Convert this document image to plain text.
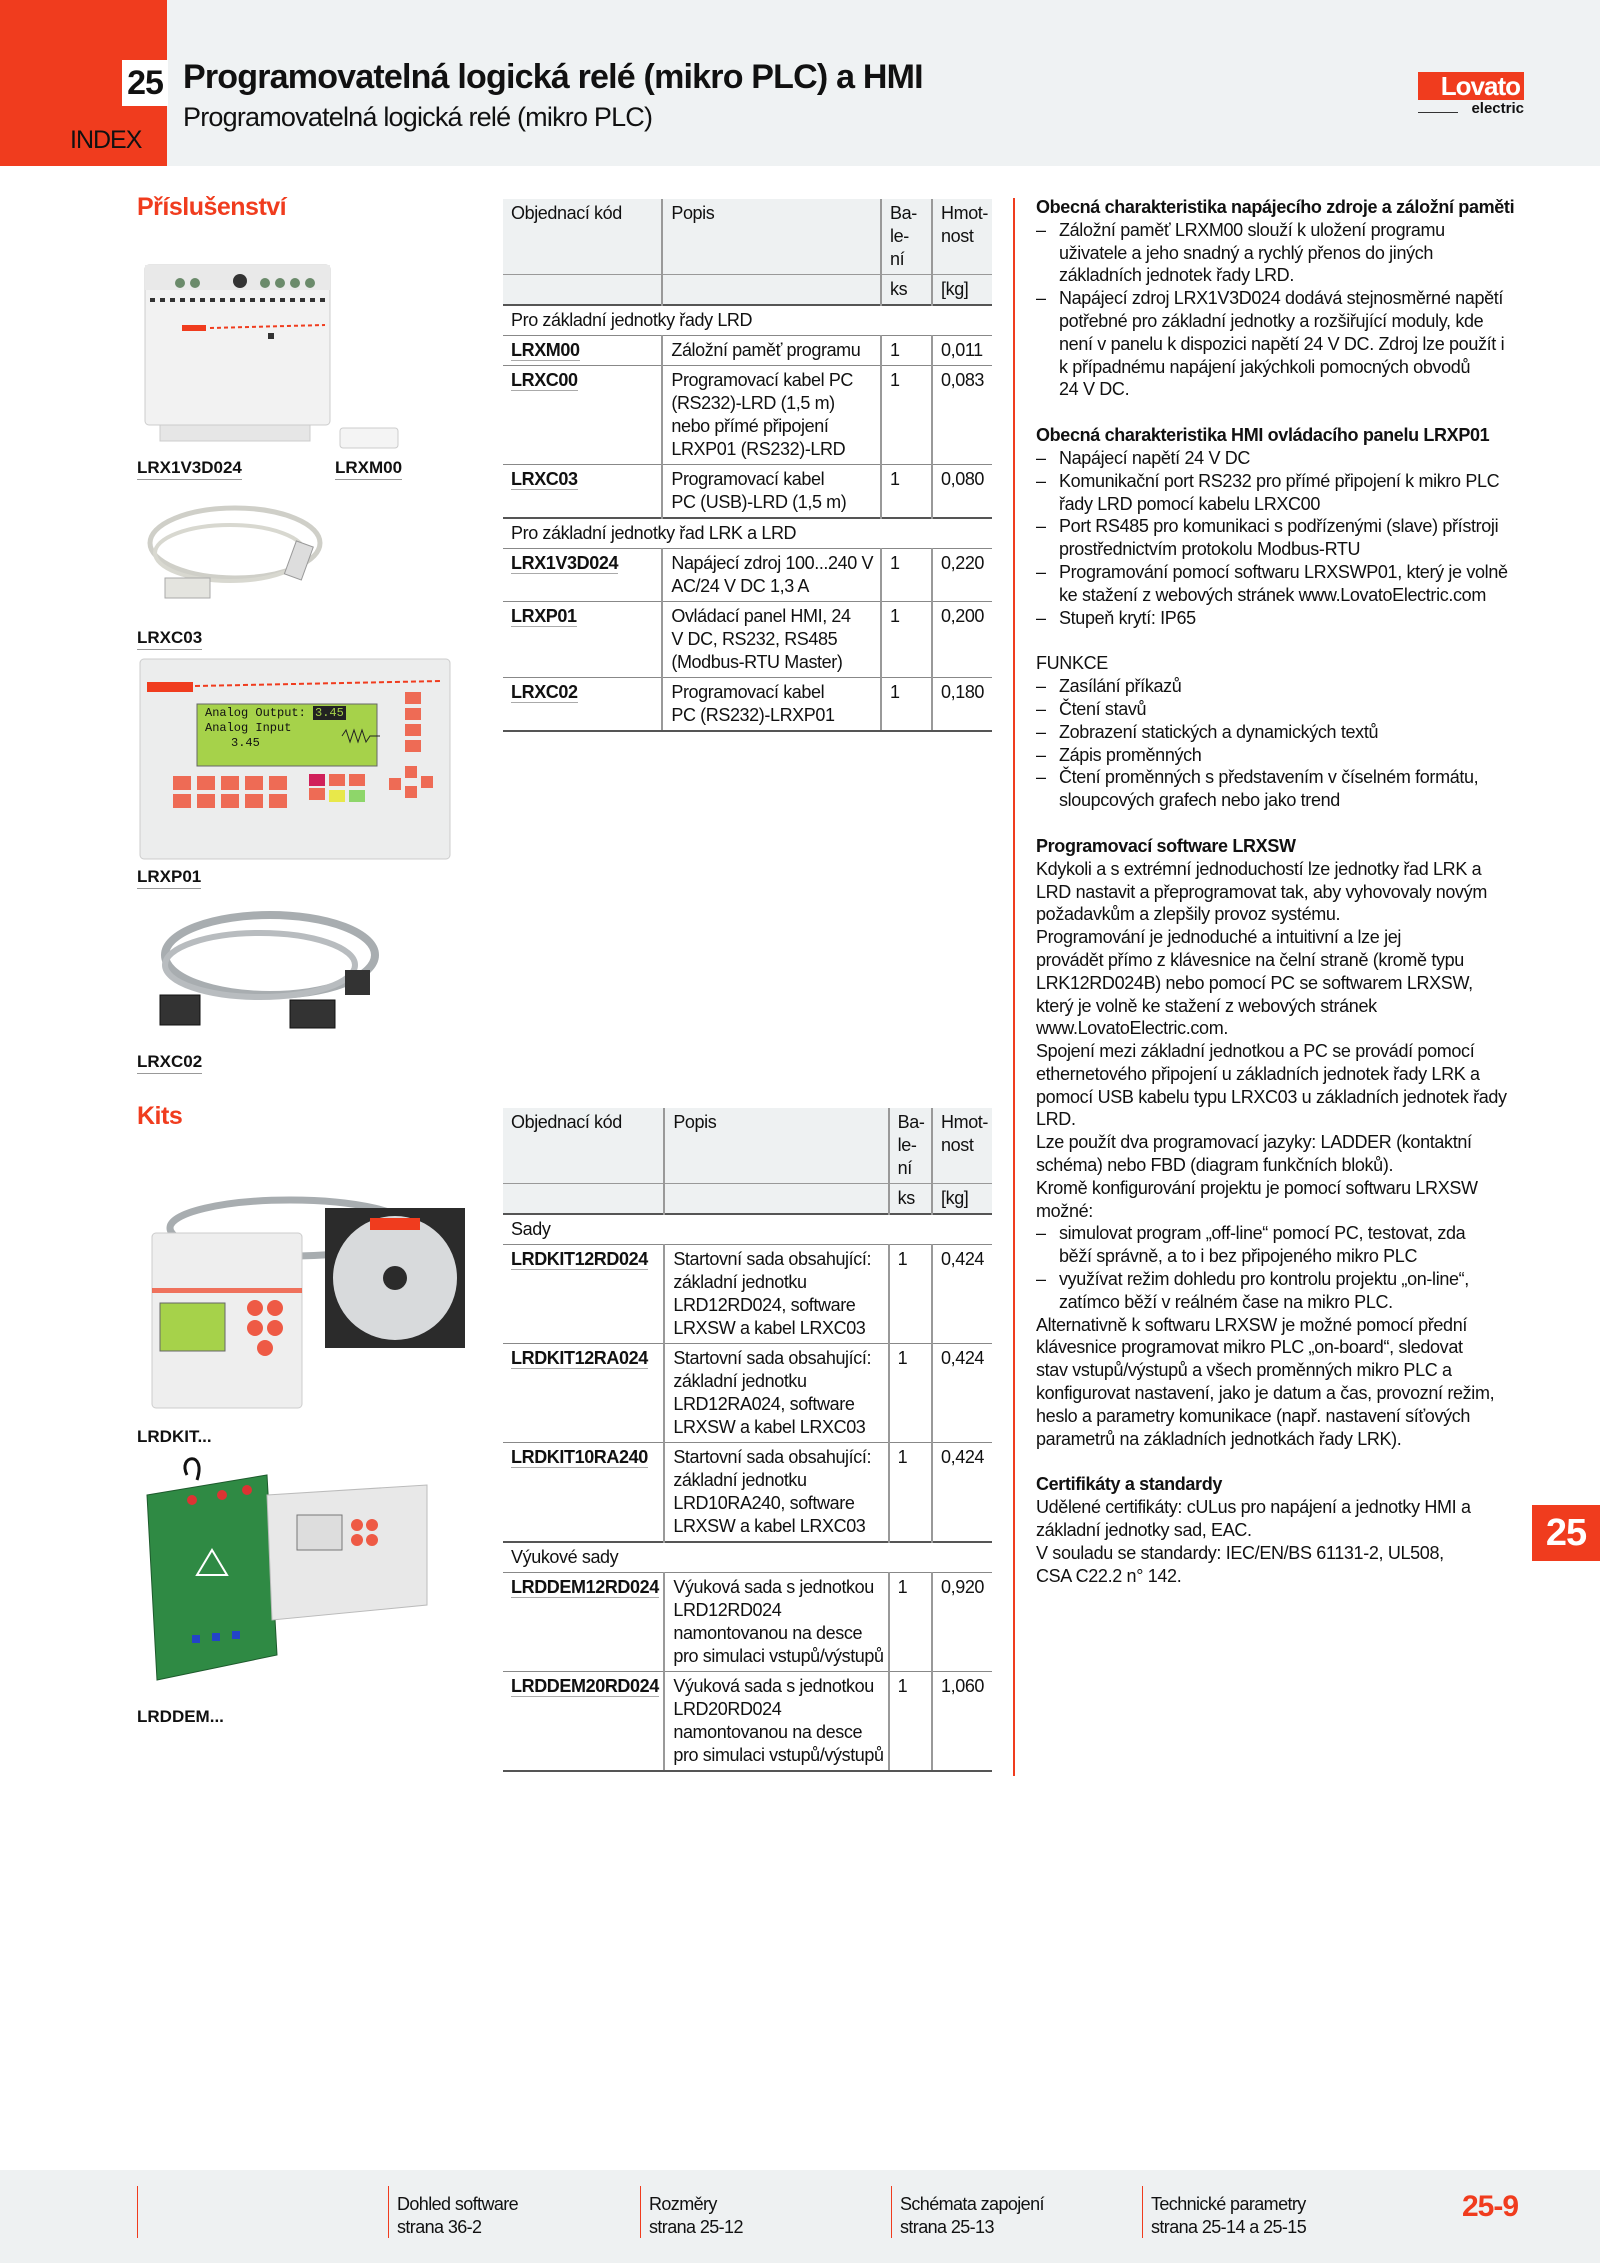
25
INDEX
Programovatelná logická relé (mikro PLC) a HMI
Programovatelná logická relé (mikro PLC)
Lovato
electric
Příslušenství
LRX1V3D024	LRXM00
LRXC03
Analog Output: 3.45
Analog Input
3.45
LRXP01
LRXC02
Kits
LRDKIT...
LRDDEM...
Objednací kód	Popis	Ba-
le-
ní	Hmot-
nost

		ks	[kg]
Pro základní jednotky řady LRD			
LRXM00	Záložní paměť programu	1	0,011
LRXC00	Programovací kabel PC
(RS232)-LRD (1,5 m)
nebo přímé připojení
LRXP01 (RS232)-LRD	1	0,083
LRXC03	Programovací kabel
PC (USB)-LRD (1,5 m)	1	0,080
Pro základní jednotky řad LRK a LRD			
LRX1V3D024	Napájecí zdroj 100...240 V
AC/24 V DC 1,3 A	1	0,220
LRXP01	Ovládací panel HMI, 24
V DC, RS232, RS485
(Modbus-RTU Master)	1	0,200
LRXC02	Programovací kabel
PC (RS232)-LRXP01	1	0,180
Objednací kód	Popis	Ba-
le-
ní	Hmot-
nost

		ks	[kg]
Sady			
LRDKIT12RD024	Startovní sada obsahující:
základní jednotku
LRD12RD024, software
LRXSW a kabel LRXC03	1	0,424
LRDKIT12RA024	Startovní sada obsahující:
základní jednotku
LRD12RA024, software
LRXSW a kabel LRXC03	1	0,424
LRDKIT10RA240	Startovní sada obsahující:
základní jednotku
LRD10RA240, software
LRXSW a kabel LRXC03	1	0,424
Výukové sady			
LRDDEM12RD024	Výuková sada s jednotkou
LRD12RD024
namontovanou na desce
pro simulaci vstupů/výstupů	1	0,920
LRDDEM20RD024	Výuková sada s jednotkou
LRD20RD024
namontovanou na desce
pro simulaci vstupů/výstupů	1	1,060
Obecná charakteristika napájecího zdroje a záložní paměti
– Záložní paměť LRXM00 slouží k uložení programu
uživatele a jeho snadný a rychlý přenos do jiných
základních jednotek řady LRD.
– Napájecí zdroj LRX1V3D024 dodává stejnosměrné napětí
potřebné pro základní jednotky a rozšiřující moduly, kde
není v panelu k dispozici napětí 24 V DC. Zdroj lze použít i
k případnému napájení jakýchkoli pomocných obvodů
24 V DC.
Obecná charakteristika HMI ovládacího panelu LRXP01
– Napájecí napětí 24 V DC
– Komunikační port RS232 pro přímé připojení k mikro PLC
řady LRD pomocí kabelu LRXC00
– Port RS485 pro komunikaci s podřízenými (slave) přístroji
prostřednictvím protokolu Modbus-RTU
– Programování pomocí softwaru LRXSWP01, který je volně
ke stažení z webových stránek www.LovatoElectric.com
– Stupeň krytí: IP65
FUNKCE
– Zasílání příkazů
– Čtení stavů
– Zobrazení statických a dynamických textů
– Zápis proměnných
– Čtení proměnných s představením v číselném formátu,
sloupcových grafech nebo jako trend
Programovací software LRXSW
Kdykoli a s extrémní jednoduchostí lze jednotky řad LRK a
LRD nastavit a přeprogramovat tak, aby vyhovovaly novým
požadavkům a zlepšily provoz systému.
Programování je jednoduché a intuitivní a lze jej
provádět přímo z klávesnice na čelní straně (kromě typu
LRK12RD024B) nebo pomocí PC se softwarem LRXSW,
který je volně ke stažení z webových stránek
www.LovatoElectric.com.
Spojení mezi základní jednotkou a PC se provádí pomocí
ethernetového připojení u základních jednotek řady LRK a
pomocí USB kabelu typu LRXC03 u základních jednotek řady
LRD.
Lze použít dva programovací jazyky: LADDER (kontaktní
schéma) nebo FBD (diagram funkčních bloků).
Kromě konfigurování projektu je pomocí softwaru LRXSW
možné:
– simulovat program „off-line“ pomocí PC, testovat, zda
běží správně, a to i bez připojeného mikro PLC
– využívat režim dohledu pro kontrolu projektu „on-line“,
zatímco běží v reálném čase na mikro PLC.
Alternativně k softwaru LRXSW je možné pomocí přední
klávesnice programovat mikro PLC „on-board“, sledovat
stav vstupů/výstupů a všech proměnných mikro PLC a
konfigurovat nastavení, jako je datum a čas, provozní režim,
heslo a parametry komunikace (např. nastavení síťových
parametrů na základních jednotkách řady LRK).
Certifikáty a standardy
Udělené certifikáty: cULus pro napájení a jednotky HMI a
základní jednotky sad, EAC.
V souladu se standardy: IEC/EN/BS 61131-2, UL508,
CSA C22.2 n° 142.
25
Dohled software
strana 36-2
Rozměry
strana 25-12
Schémata zapojení
strana 25-13
Technické parametry
strana 25-14 a 25-15
25-9
